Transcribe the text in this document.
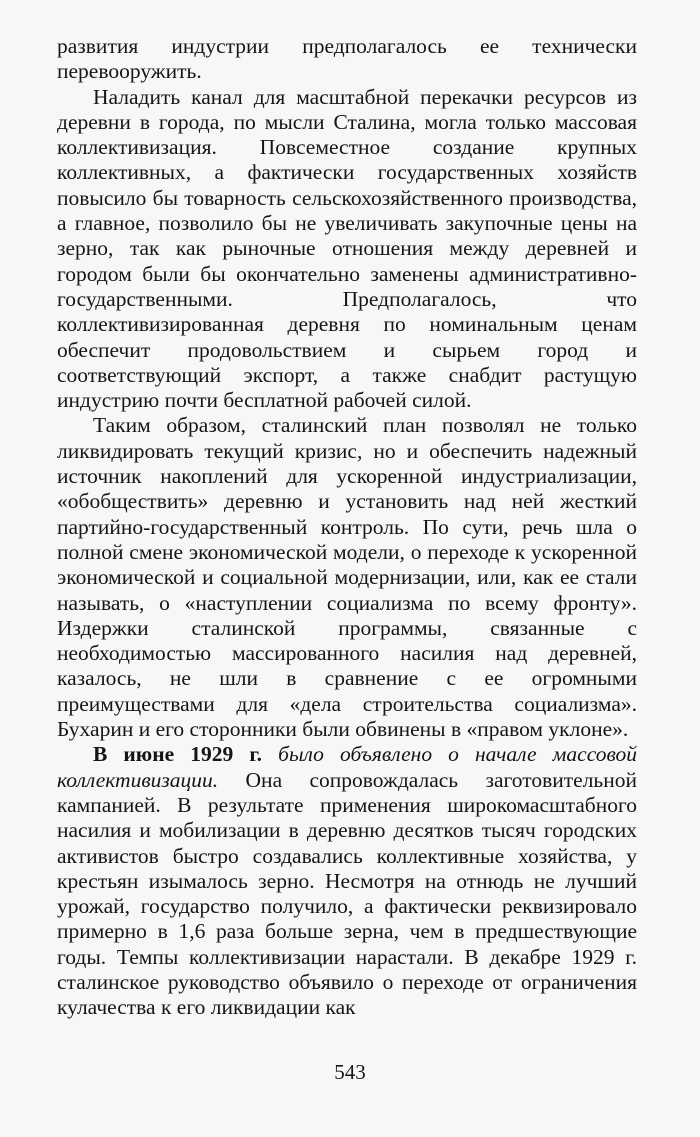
развития индустрии предполагалось ее технически перевооружить.

Наладить канал для масштабной перекачки ресурсов из деревни в города, по мысли Сталина, могла только массовая коллективизация. Повсеместное создание крупных коллективных, а фактически государственных хозяйств повысило бы товарность сельскохозяйственного производства, а главное, позволило бы не увеличивать закупочные цены на зерно, так как рыночные отношения между деревней и городом были бы окончательно заменены административно-государственными. Предполагалось, что коллективизированная деревня по номинальным ценам обеспечит продовольствием и сырьем город и соответствующий экспорт, а также снабдит растущую индустрию почти бесплатной рабочей силой.

Таким образом, сталинский план позволял не только ликвидировать текущий кризис, но и обеспечить надежный источник накоплений для ускоренной индустриализации, «обобществить» деревню и установить над ней жесткий партийно-государственный контроль. По сути, речь шла о полной смене экономической модели, о переходе к ускоренной экономической и социальной модернизации, или, как ее стали называть, о «наступлении социализма по всему фронту». Издержки сталинской программы, связанные с необходимостью массированного насилия над деревней, казалось, не шли в сравнение с ее огромными преимуществами для «дела строительства социализма». Бухарин и его сторонники были обвинены в «правом уклоне».

В июне 1929 г. было объявлено о начале массовой коллективизации. Она сопровождалась заготовительной кампанией. В результате применения широкомасштабного насилия и мобилизации в деревню десятков тысяч городских активистов быстро создавались коллективные хозяйства, у крестьян изымалось зерно. Несмотря на отнюдь не лучший урожай, государство получило, а фактически реквизировало примерно в 1,6 раза больше зерна, чем в предшествующие годы. Темпы коллективизации нарастали. В декабре 1929 г. сталинское руководство объявило о переходе от ограничения кулачества к его ликвидации как

543
